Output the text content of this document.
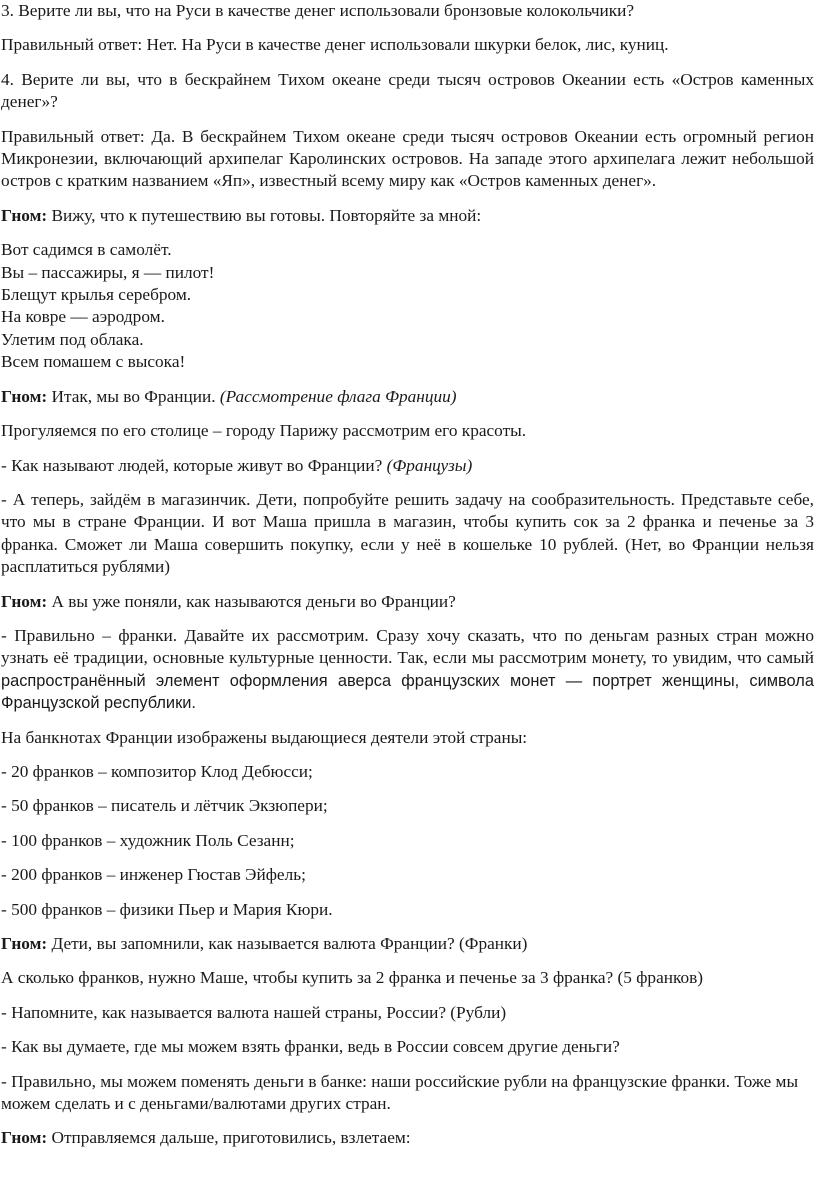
3. Верите ли вы, что на Руси в качестве денег использовали бронзовые колокольчики?

Правильный ответ: Нет. На Руси в качестве денег использовали шкурки белок, лис, куниц.

4. Верите ли вы, что в бескрайнем Тихом океане среди тысяч островов Океании есть «Остров каменных денег»?

Правильный ответ: Да. В бескрайнем Тихом океане среди тысяч островов Океании есть огромный регион Микронезии, включающий архипелаг Каролинских островов. На западе этого архипелага лежит небольшой остров с кратким названием «Яп», известный всему миру как «Остров каменных денег».

Гном: Вижу, что к путешествию вы готовы. Повторяйте за мной:

Вот садимся в самолёт.
Вы – пассажиры, я — пилот!
Блещут крылья серебром.
На ковре — аэродром.
Улетим под облака.
Всем помашем с высока!

Гном: Итак, мы во Франции. (Рассмотрение флага Франции)

Прогуляемся по его столице – городу Парижу рассмотрим его красоты.

- Как называют людей, которые живут во Франции? (Французы)

- А теперь, зайдём в магазинчик. Дети, попробуйте решить задачу на сообразительность. Представьте себе, что мы в стране Франции. И вот Маша пришла в магазин, чтобы купить сок за 2 франка и печенье за 3 франка. Сможет ли Маша совершить покупку, если у неё в кошельке 10 рублей. (Нет, во Франции нельзя расплатиться рублями)

Гном: А вы уже поняли, как называются деньги во Франции?

- Правильно – франки. Давайте их рассмотрим. Сразу хочу сказать, что по деньгам разных стран можно узнать её традиции, основные культурные ценности. Так, если мы рассмотрим монету, то увидим, что самый распространённый элемент оформления аверса французских монет — портрет женщины, символа Французской республики.

На банкнотах Франции изображены выдающиеся деятели этой страны:

- 20 франков – композитор Клод Дебюсси;

- 50 франков – писатель и лётчик Экзюпери;

- 100 франков – художник Поль Сезанн;

- 200 франков – инженер Гюстав Эйфель;

- 500 франков – физики Пьер и Мария Кюри.

Гном: Дети, вы запомнили, как называется валюта Франции? (Франки)

А сколько франков, нужно Маше, чтобы купить за 2 франка и печенье за 3 франка? (5 франков)

- Напомните, как называется валюта нашей страны, России? (Рубли)

- Как вы думаете, где мы можем взять франки, ведь в России совсем другие деньги?

- Правильно, мы можем поменять деньги в банке: наши российские рубли на французские франки. Тоже мы можем сделать и с деньгами/валютами других стран.

Гном: Отправляемся дальше, приготовились, взлетаем:
